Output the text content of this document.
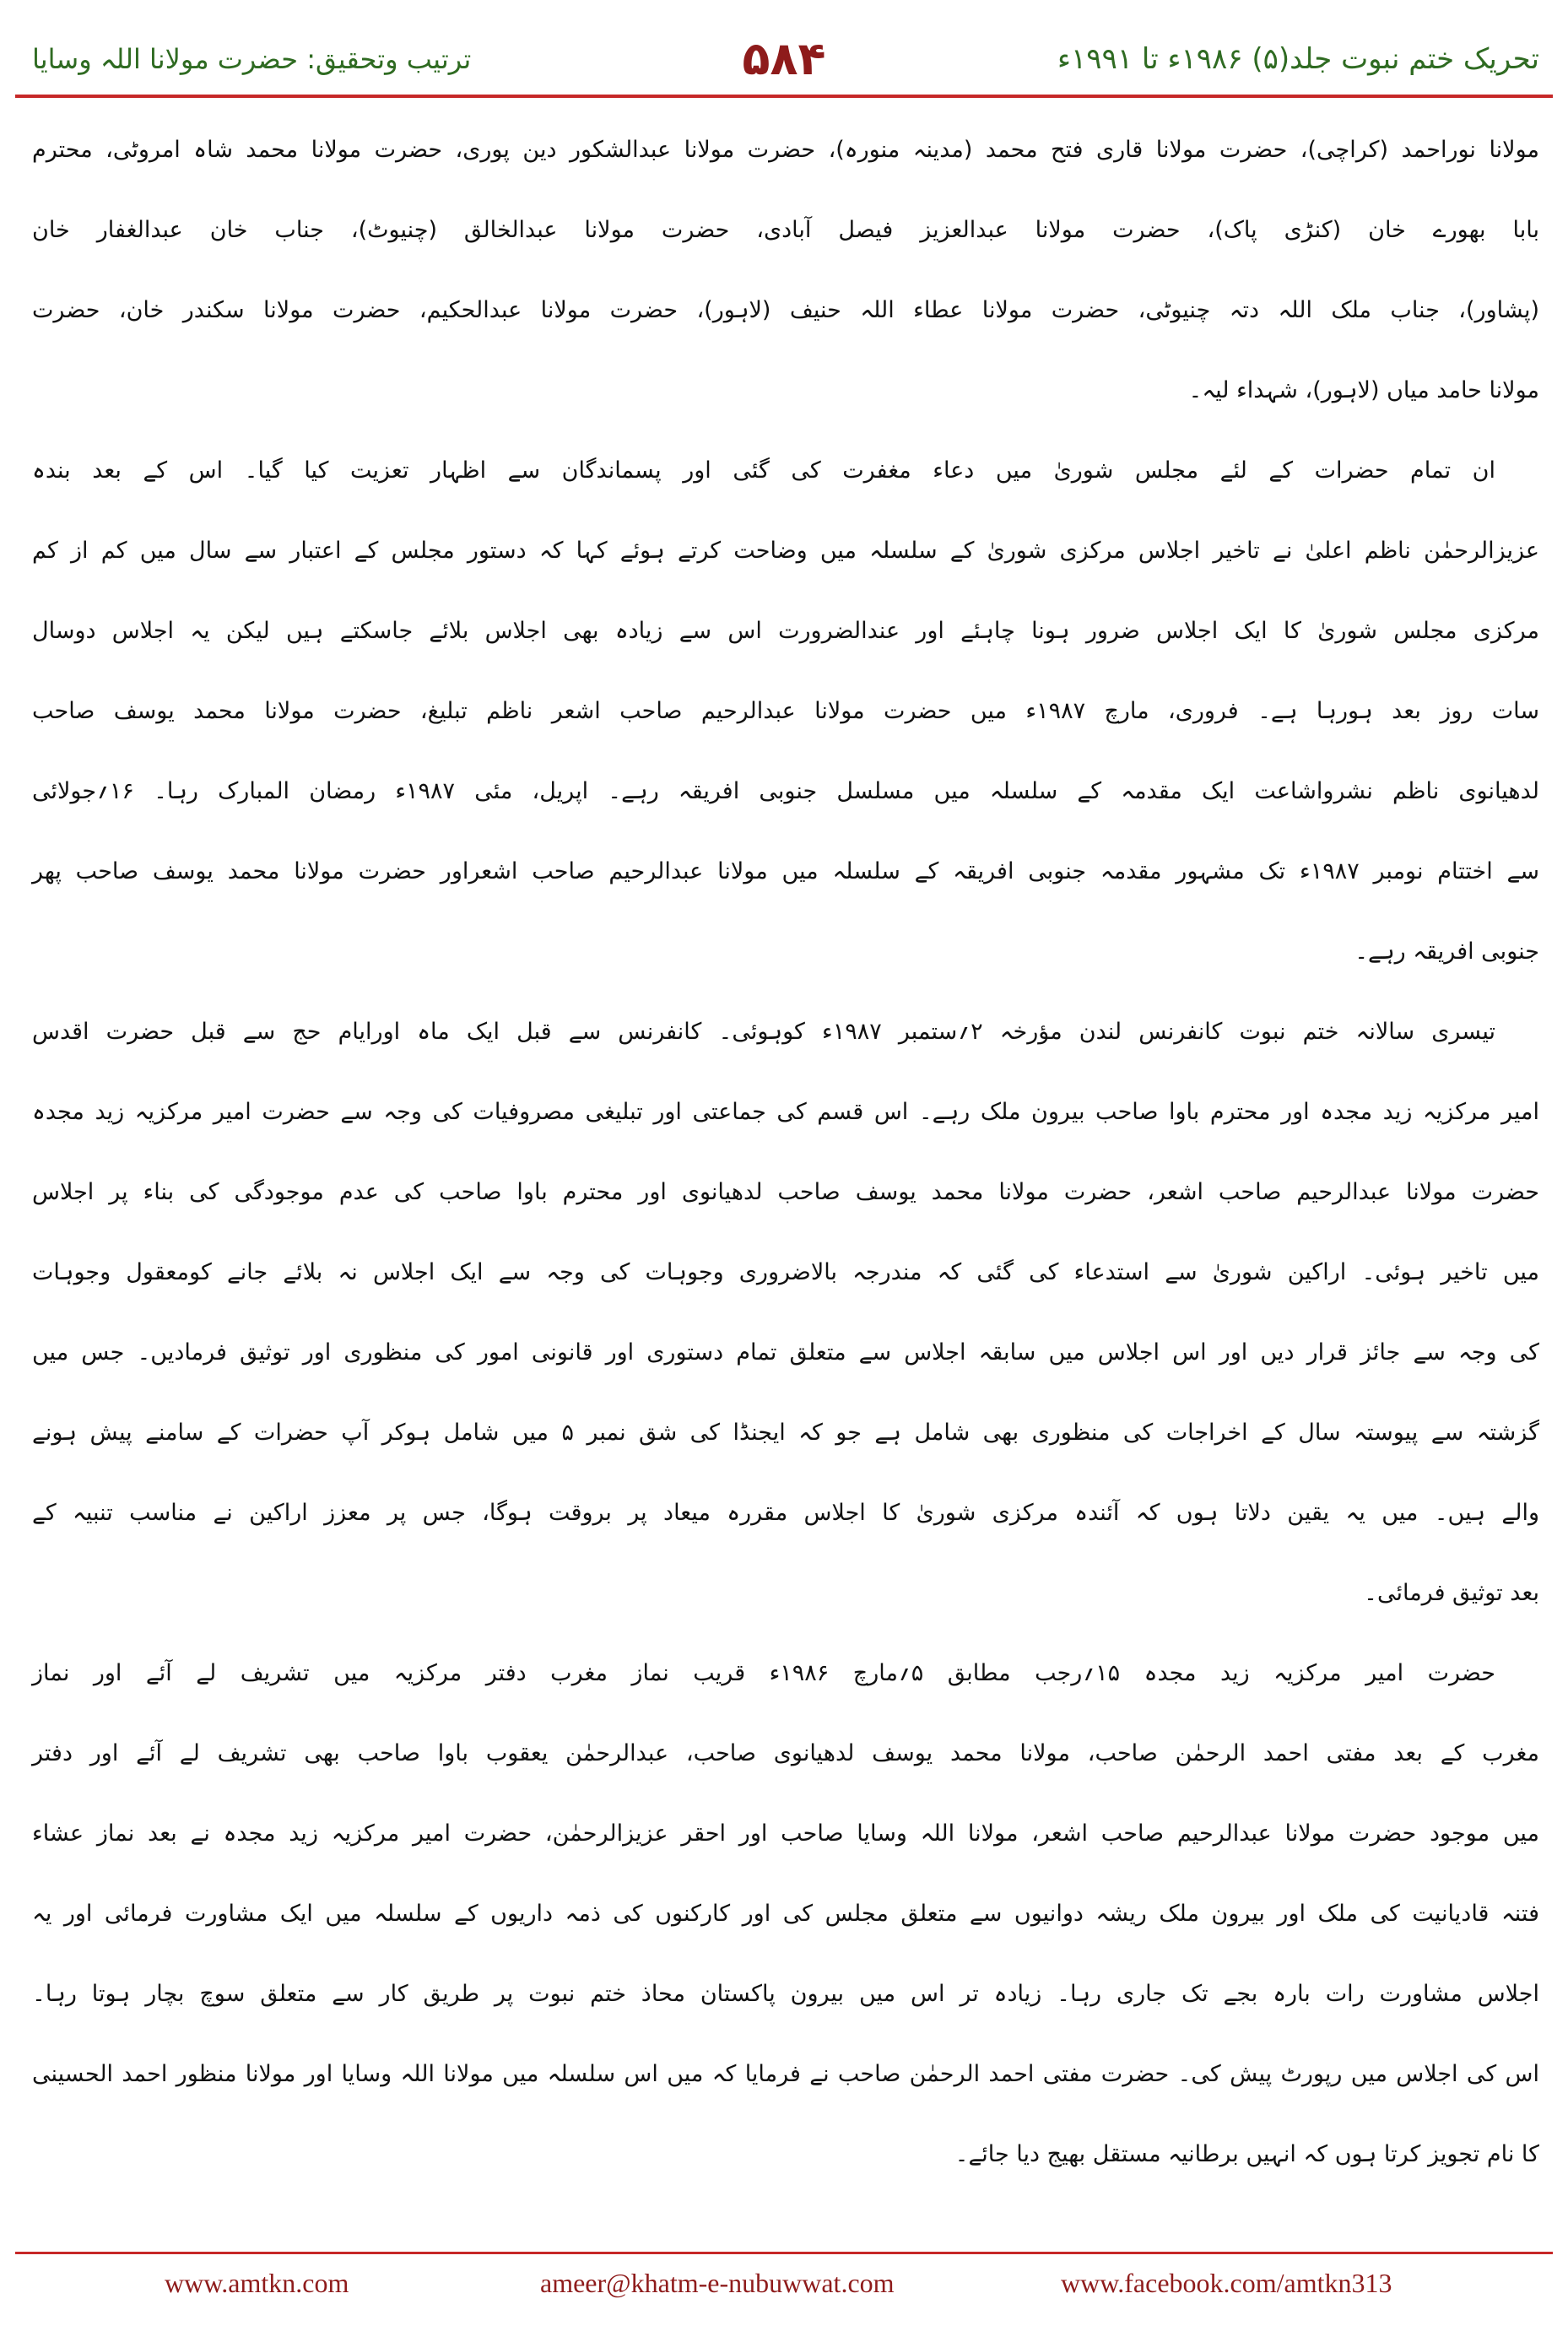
تحریک ختم نبوت جلد(۵) ۱۹۸۶ء تا ۱۹۹۱ء
۵۸۴
ترتیب وتحقیق: حضرت مولانا اللہ وسایا
مولانا نوراحمد (کراچی)، حضرت مولانا قاری فتح محمد (مدینہ منورہ)، حضرت مولانا عبدالشکور دین پوری، حضرت مولانا محمد شاہ امروٹی، محترم
بابا بھورے خان (کنڑی پاک)، حضرت مولانا عبدالعزیز فیصل آبادی، حضرت مولانا عبدالخالق (چنیوٹ)، جناب خان عبدالغفار خان
(پشاور)، جناب ملک اللہ دتہ چنیوٹی، حضرت مولانا عطاء اللہ حنیف (لاہور)، حضرت مولانا عبدالحکیم، حضرت مولانا سکندر خان، حضرت
مولانا حامد میاں (لاہور)، شہداء لیہ۔
ان تمام حضرات کے لئے مجلس شوریٰ میں دعاء مغفرت کی گئی اور پسماندگان سے اظہار تعزیت کیا گیا۔ اس کے بعد بندہ
عزیزالرحمٰن ناظم اعلیٰ نے تاخیر اجلاس مرکزی شوریٰ کے سلسلہ میں وضاحت کرتے ہوئے کہا کہ دستور مجلس کے اعتبار سے سال میں کم از کم
مرکزی مجلس شوریٰ کا ایک اجلاس ضرور ہونا چاہئے اور عندالضرورت اس سے زیادہ بھی اجلاس بلائے جاسکتے ہیں لیکن یہ اجلاس دوسال
سات روز بعد ہورہا ہے۔ فروری، مارچ ۱۹۸۷ء میں حضرت مولانا عبدالرحیم صاحب اشعر ناظم تبلیغ، حضرت مولانا محمد یوسف صاحب
لدھیانوی ناظم نشرواشاعت ایک مقدمہ کے سلسلہ میں مسلسل جنوبی افریقہ رہے۔ اپریل، مئی ۱۹۸۷ء رمضان المبارک رہا۔ ۱۶؍جولائی
سے اختتام نومبر ۱۹۸۷ء تک مشہور مقدمہ جنوبی افریقہ کے سلسلہ میں مولانا عبدالرحیم صاحب اشعراور حضرت مولانا محمد یوسف صاحب پھر
جنوبی افریقہ رہے۔
تیسری سالانہ ختم نبوت کانفرنس لندن مؤرخہ ۲؍ستمبر ۱۹۸۷ء کوہوئی۔ کانفرنس سے قبل ایک ماہ اورایام حج سے قبل حضرت اقدس
امیر مرکزیہ زید مجدہ اور محترم باوا صاحب بیرون ملک رہے۔ اس قسم کی جماعتی اور تبلیغی مصروفیات کی وجہ سے حضرت امیر مرکزیہ زید مجدہ
حضرت مولانا عبدالرحیم صاحب اشعر، حضرت مولانا محمد یوسف صاحب لدھیانوی اور محترم باوا صاحب کی عدم موجودگی کی بناء پر اجلاس
میں تاخیر ہوئی۔ اراکین شوریٰ سے استدعاء کی گئی کہ مندرجہ بالاضروری وجوہات کی وجہ سے ایک اجلاس نہ بلائے جانے کومعقول وجوہات
کی وجہ سے جائز قرار دیں اور اس اجلاس میں سابقہ اجلاس سے متعلق تمام دستوری اور قانونی امور کی منظوری اور توثیق فرمادیں۔ جس میں
گزشتہ سے پیوستہ سال کے اخراجات کی منظوری بھی شامل ہے جو کہ ایجنڈا کی شق نمبر ۵ میں شامل ہوکر آپ حضرات کے سامنے پیش ہونے
والے ہیں۔ میں یہ یقین دلاتا ہوں کہ آئندہ مرکزی شوریٰ کا اجلاس مقررہ میعاد پر بروقت ہوگا، جس پر معزز اراکین نے مناسب تنبیہ کے
بعد توثیق فرمائی۔
حضرت امیر مرکزیہ زید مجدہ ۱۵؍رجب مطابق ۵؍مارچ ۱۹۸۶ء قریب نماز مغرب دفتر مرکزیہ میں تشریف لے آئے اور نماز
مغرب کے بعد مفتی احمد الرحمٰن صاحب، مولانا محمد یوسف لدھیانوی صاحب، عبدالرحمٰن یعقوب باوا صاحب بھی تشریف لے آئے اور دفتر
میں موجود حضرت مولانا عبدالرحیم صاحب اشعر، مولانا اللہ وسایا صاحب اور احقر عزیزالرحمٰن، حضرت امیر مرکزیہ زید مجدہ نے بعد نماز عشاء
فتنہ قادیانیت کی ملک اور بیرون ملک ریشہ دوانیوں سے متعلق مجلس کی اور کارکنوں کی ذمہ داریوں کے سلسلہ میں ایک مشاورت فرمائی اور یہ
اجلاس مشاورت رات بارہ بجے تک جاری رہا۔ زیادہ تر اس میں بیرون پاکستان محاذ ختم نبوت پر طریق کار سے متعلق سوچ بچار ہوتا رہا۔
اس کی اجلاس میں رپورٹ پیش کی۔ حضرت مفتی احمد الرحمٰن صاحب نے فرمایا کہ میں اس سلسلہ میں مولانا اللہ وسایا اور مولانا منظور احمد الحسینی
کا نام تجویز کرتا ہوں کہ انہیں برطانیہ مستقل بھیج دیا جائے۔
www.amtkn.com	ameer@khatm-e-nubuwwat.com	www.facebook.com/amtkn313
